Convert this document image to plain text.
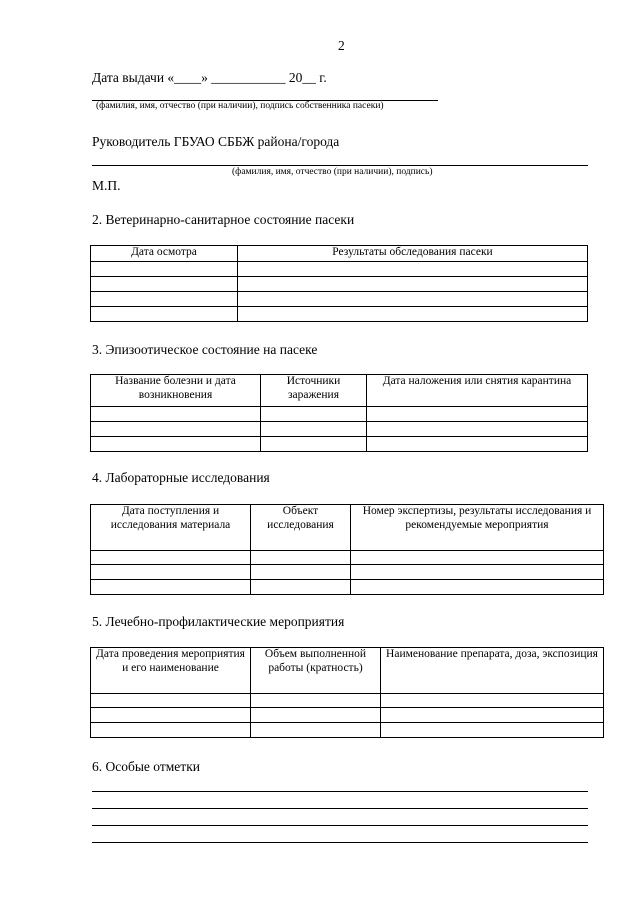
2
Дата выдачи «____» ___________ 20__ г.
(фамилия, имя, отчество (при наличии), подпись собственника пасеки)
Руководитель ГБУАО СББЖ района/города
(фамилия, имя, отчество (при наличии), подпись)
М.П.
2. Ветеринарно-санитарное состояние пасеки
Дата осмотра	Результаты обследования пасеки

3. Эпизоотическое состояние на пасеке
Название болезни и дата возникновения	Источники заражения	Дата наложения или снятия карантина

4. Лабораторные исследования
Дата поступления и исследования материала	Объект исследования	Номер экспертизы, результаты исследования и рекомендуемые мероприятия

5. Лечебно-профилактические мероприятия
Дата проведения мероприятия и его наименование	Объем выполненной работы (кратность)	Наименование препарата, доза, экспозиция

6. Особые отметки
